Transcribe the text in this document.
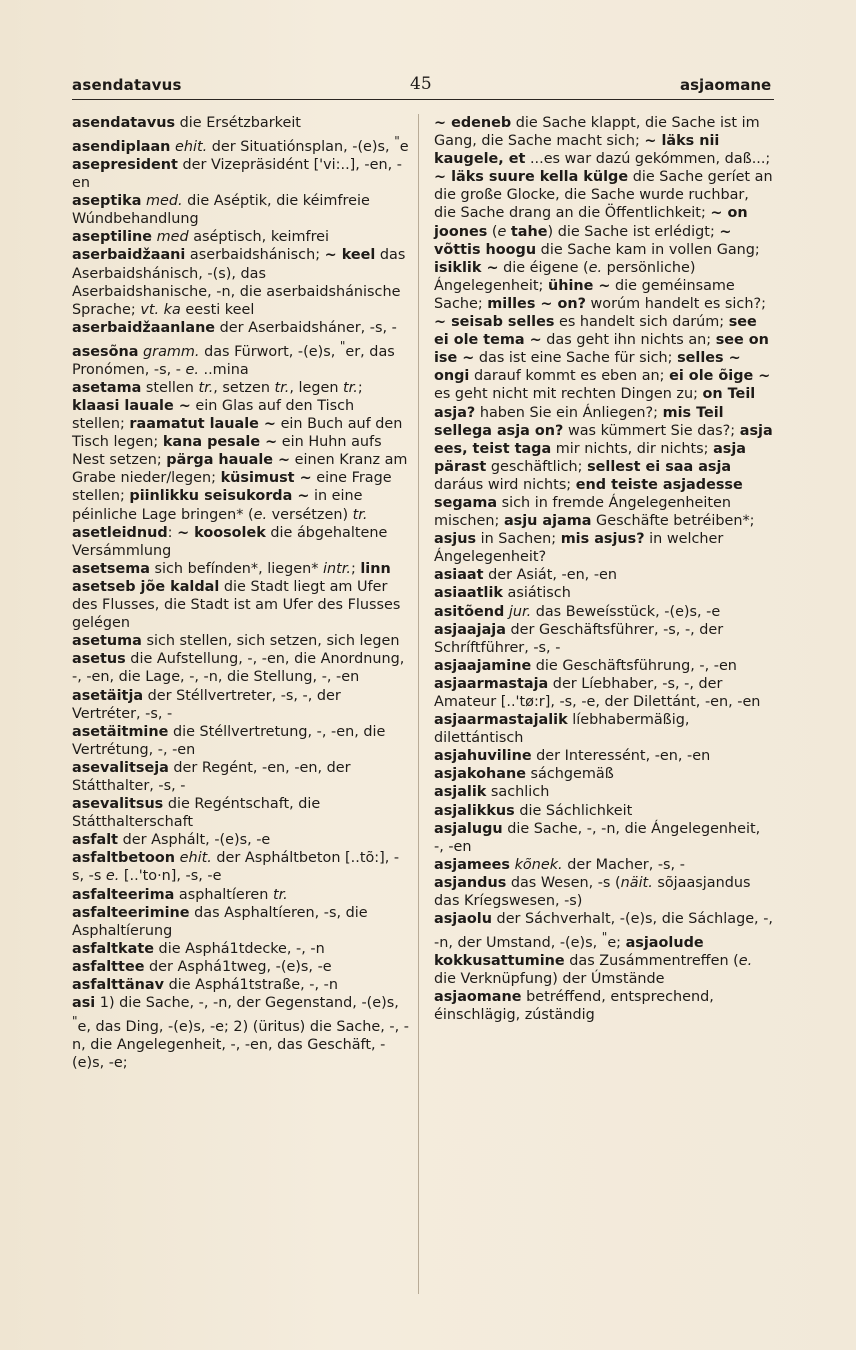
asendatavus	45	asjaomane
asendatavus die Ersétzbarkeit
asendiplaan ehit. der Situatiónsplan, -(e)s, "e
asepresident der Vizepräsidént ['vi:..], -en, -en
aseptika med. die Aséptik, die kéimfreie Wúndbehandlung
aseptiline med aséptisch, keimfrei
aserbaidžaani aserbaidshánisch; ~ keel das Aserbaidshánisch, -(s), das Aserbaidshanische, -n, die aserbaidshánische Sprache; vt. ka eesti keel
aserbaidžaanlane der Aserbaidsháner, -s, -
asesõna gramm. das Fürwort, -(e)s, "er, das Pronómen, -s, - e. ..mina
asetama stellen tr., setzen tr., legen tr.; klaasi lauale ~ ein Glas auf den Tisch stellen; raamatut lauale ~ ein Buch auf den Tisch legen; kana pesale ~ ein Huhn aufs Nest setzen; pärga hauale ~ einen Kranz am Grabe nieder/legen; küsimust ~ eine Frage stellen; piinlikku seisukorda ~ in eine péinliche Lage bringen* (e. versétzen) tr.
asetleidnud: ~ koosolek die ábgehaltene Versámmlung
asetsema sich befínden*, liegen* intr.; linn asetseb jõe kaldal die Stadt liegt am Ufer des Flusses, die Stadt ist am Ufer des Flusses gelégen
asetuma sich stellen, sich setzen, sich legen
asetus die Aufstellung, -, -en, die Anordnung, -, -en, die Lage, -, -n, die Stellung, -, -en
asetäitja der Stéllvertreter, -s, -, der Vertréter, -s, -
asetäitmine die Stéllvertretung, -, -en, die Vertrétung, -, -en
asevalitseja der Regént, -en, -en, der Státthalter, -s, -
asevalitsus die Regéntschaft, die Státthalterschaft
asfalt der Asphált, -(e)s, -e
asfaltbetoon ehit. der Aspháltbeton [..tõ:], -s, -s e. [..'to·n], -s, -e
asfalteerima asphaltíeren tr.
asfalteerimine das Asphaltíeren, -s, die Asphaltíerung
asfaltkate die Asphá1tdecke, -, -n
asfalttee der Asphá1tweg, -(e)s, -e
asfalttänav die Asphá1tstraße, -, -n
asi 1) die Sache, -, -n, der Gegenstand, -(e)s, "e, das Ding, -(e)s, -e; 2) (üritus) die Sache, -, -n, die Angelegenheit, -, -en, das Geschäft, -(e)s, -e;
~ edeneb die Sache klappt, die Sache ist im Gang, die Sache macht sich; ~ läks nii kaugele, et ...es war dazú gekómmen, daß...; ~ läks suure kella külge die Sache geríet an die große Glocke, die Sache wurde ruchbar, die Sache drang an die Öffentlichkeit; ~ on joones (e tahe) die Sache ist erlédigt; ~ võttis hoogu die Sache kam in vollen Gang; isiklik ~ die éigene (e. persönliche) Ángelegenheit; ühine ~ die geméinsame Sache; milles ~ on? worúm handelt es sich?; ~ seisab selles es handelt sich darúm; see ei ole tema ~ das geht ihn nichts an; see on ise ~ das ist eine Sache für sich; selles ~ ongi darauf kommt es eben an; ei ole õige ~ es geht nicht mit rechten Dingen zu; on Teil asja? haben Sie ein Ánliegen?; mis Teil sellega asja on? was kümmert Sie das?; asja ees, teist taga mir nichts, dir nichts; asja pärast geschäftlich; sellest ei saa asja daráus wird nichts; end teiste asjadesse segama sich in fremde Ángelegenheiten mischen; asju ajama Geschäfte betréiben*; asjus in Sachen; mis asjus? in welcher Ángelegenheit?
asiaat der Asiát, -en, -en
asiaatlik asiátisch
asitõend jur. das Beweísstück, -(e)s, -e
asjaajaja der Geschäftsführer, -s, -, der Schríftführer, -s, -
asjaajamine die Geschäftsführung, -, -en
asjaarmastaja der Líebhaber, -s, -, der Amateur [..'tø:r], -s, -e, der Dilettánt, -en, -en
asjaarmastajalik líebhabermäßig, dilettántisch
asjahuviline der Interessént, -en, -en
asjakohane sáchgemäß
asjalik sachlich
asjalikkus die Sáchlichkeit
asjalugu die Sache, -, -n, die Ángelegenheit, -, -en
asjamees kõnek. der Macher, -s, -
asjandus das Wesen, -s (näit. sõjaasjandus das Kríegswesen, -s)
asjaolu der Sáchverhalt, -(e)s, die Sáchlage, -, -n, der Umstand, -(e)s, "e; asjaolude kokkusattumine das Zusámmentreffen (e. die Verknüpfung) der Úmstände
asjaomane betréffend, entsprechend, éinschlägig, zúständig
